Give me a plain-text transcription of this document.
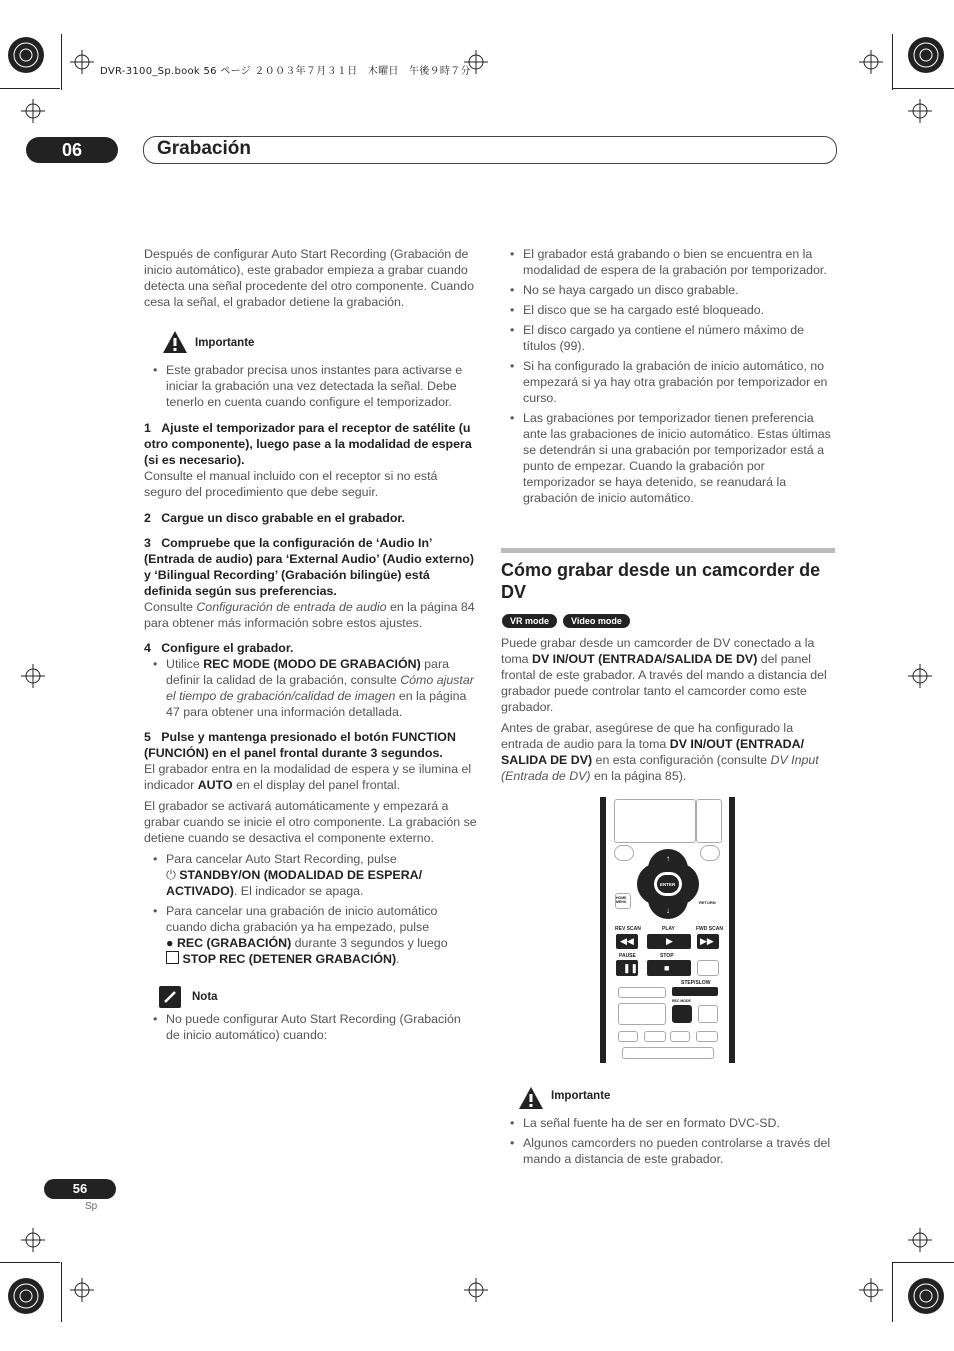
DVR-3100_Sp.book 56 ページ ２００３年７月３１日　木曜日　午後９時７分
06	Grabación

Después de configurar Auto Start Recording (Grabación de inicio automático), este grabador empieza a grabar cuando detecta una señal procedente del otro componente. Cuando cesa la señal, el grabador detiene la grabación.

Importante

• Este grabador precisa unos instantes para activarse e iniciar la grabación una vez detectada la señal. Debe tenerlo en cuenta cuando configure el temporizador.

1 Ajuste el temporizador para el receptor de satélite (u otro componente), luego pase a la modalidad de espera (si es necesario).

Consulte el manual incluido con el receptor si no está seguro del procedimiento que debe seguir.

2 Cargue un disco grabable en el grabador.

3 Compruebe que la configuración de ‘Audio In’ (Entrada de audio) para ‘External Audio’ (Audio externo) y ‘Bilingual Recording’ (Grabación bilingüe) está definida según sus preferencias.

Consulte Configuración de entrada de audio en la página 84 para obtener más información sobre estos ajustes.

4 Configure el grabador.

• Utilice REC MODE (MODO DE GRABACIÓN) para definir la calidad de la grabación, consulte Cómo ajustar el tiempo de grabación/calidad de imagen en la página 47 para obtener una información detallada.

5 Pulse y mantenga presionado el botón FUNCTION (FUNCIÓN) en el panel frontal durante 3 segundos.

El grabador entra en la modalidad de espera y se ilumina el indicador AUTO en el display del panel frontal.

El grabador se activará automáticamente y empezará a grabar cuando se inicie el otro componente. La grabación se detiene cuando se desactiva el componente externo.

• Para cancelar Auto Start Recording, pulse
⏻ STANDBY/ON (MODALIDAD DE ESPERA/ ACTIVADO). El indicador se apaga.

• Para cancelar una grabación de inicio automático cuando dicha grabación ya ha empezado, pulse
● REC (GRABACIÓN) durante 3 segundos y luego
STOP REC (DETENER GRABACIÓN).

Nota

• No puede configurar Auto Start Recording (Grabación de inicio automático) cuando:

• El grabador está grabando o bien se encuentra en la modalidad de espera de la grabación por temporizador.

• No se haya cargado un disco grabable.

• El disco que se ha cargado esté bloqueado.

• El disco cargado ya contiene el número máximo de títulos (99).

• Si ha configurado la grabación de inicio automático, no empezará si ya hay otra grabación por temporizador en curso.

• Las grabaciones por temporizador tienen preferencia ante las grabaciones de inicio automático. Estas últimas se detendrán si una grabación por temporizador está a punto de empezar. Cuando la grabación por temporizador se haya detenido, se reanudará la grabación de inicio automático.

Cómo grabar desde un camcorder de DV
VR mode Video mode

Puede grabar desde un camcorder de DV conectado a la toma DV IN/OUT (ENTRADA/SALIDA DE DV) del panel frontal de este grabador. A través del mando a distancia del grabador puede controlar tanto el camcorder como este grabador.

Antes de grabar, asegúrese de que ha configurado la entrada de audio para la toma DV IN/OUT (ENTRADA/ SALIDA DE DV) en esta configuración (consulte DV Input (Entrada de DV) en la página 85).

ENTER
↑
↓
HOME MENU	RETURN
REV SCAN	PLAY	FWD SCAN
◀◀	▶	▶▶
PAUSE	STOP
❚❚	■
STEP/SLOW
REC MODE
Importante

• La señal fuente ha de ser en formato DVC-SD.

• Algunos camcorders no pueden controlarse a través del mando a distancia de este grabador.

56
Sp
